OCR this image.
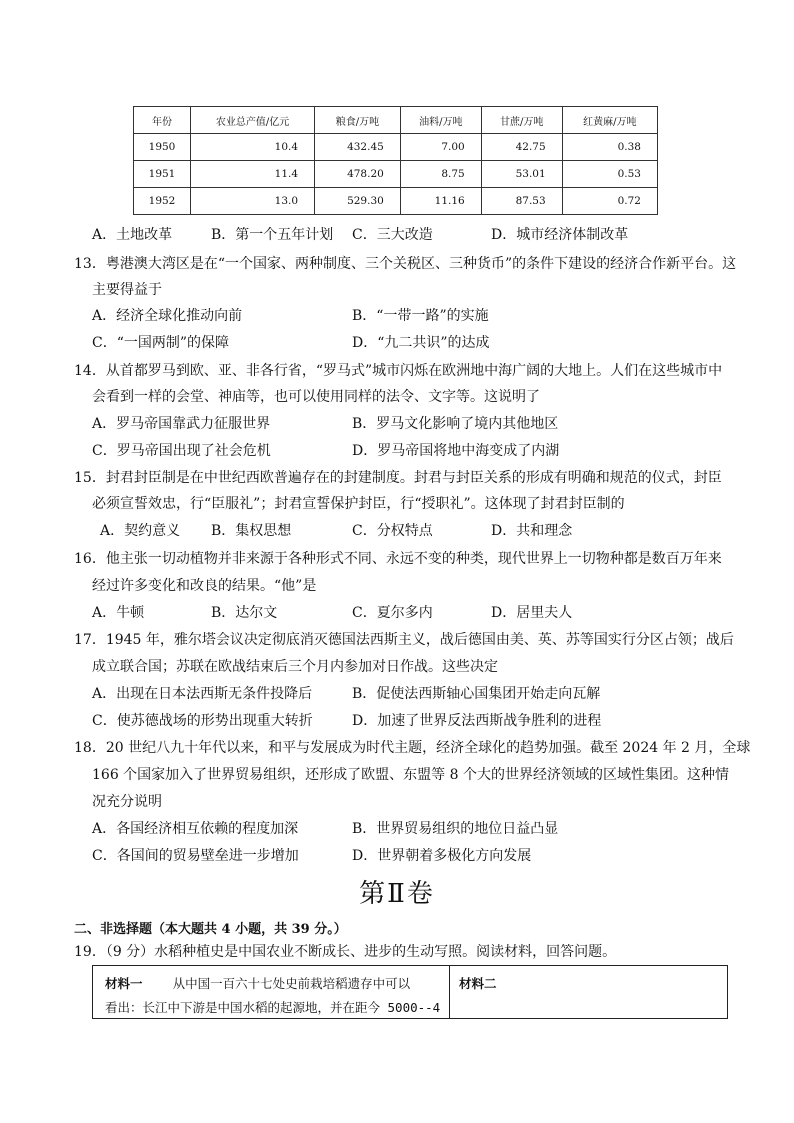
年份	农业总产值/亿元	粮食/万吨	油料/万吨	甘蔗/万吨	红黄麻/万吨
1950	10.4	432.45	7.00	42.75	0.38
1951	11.4	478.20	8.75	53.01	0.53
1952	13.0	529.30	11.16	87.53	0.72
A．土地改革	B．第一个五年计划 C．三大改造	D．城市经济体制改革
13．粤港澳大湾区是在“一个国家、两种制度、三个关税区、三种货币”的条件下建设的经济合作新平台。这
主要得益于
A．经济全球化推动向前	B．“一带一路”的实施
C．“一国两制”的保障	D．“九二共识”的达成
14．从首都罗马到欧、亚、非各行省，“罗马式”城市闪烁在欧洲地中海广阔的大地上。人们在这些城市中
会看到一样的会堂、神庙等，也可以使用同样的法令、文字等。这说明了
A．罗马帝国靠武力征服世界	B．罗马文化影响了境内其他地区
C．罗马帝国出现了社会危机	D．罗马帝国将地中海变成了内湖
15．封君封臣制是在中世纪西欧普遍存在的封建制度。封君与封臣关系的形成有明确和规范的仪式，封臣
必须宣誓效忠，行“臣服礼”；封君宣誓保护封臣，行“授职礼”。这体现了封君封臣制的
A．契约意义 B．集权思想	C．分权特点	D．共和理念
16．他主张一切动植物并非来源于各种形式不同、永远不变的种类，现代世界上一切物种都是数百万年来
经过许多变化和改良的结果。“他”是
A．牛顿	B．达尔文	C．夏尔多内	D．居里夫人
17．1945 年，雅尔塔会议决定彻底消灭德国法西斯主义，战后德国由美、英、苏等国实行分区占领；战后
成立联合国；苏联在欧战结束后三个月内参加对日作战。这些决定
A．出现在日本法西斯无条件投降后	B．促使法西斯轴心国集团开始走向瓦解
C．使苏德战场的形势出现重大转折	D．加速了世界反法西斯战争胜利的进程
18．20 世纪八九十年代以来，和平与发展成为时代主题，经济全球化的趋势加强。截至 2024 年 2 月，全球
166 个国家加入了世界贸易组织，还形成了欧盟、东盟等 8 个大的世界经济领域的区域性集团。这种情
况充分说明
A．各国经济相互依赖的程度加深	B．世界贸易组织的地位日益凸显
C．各国间的贸易壁垒进一步增加	D．世界朝着多极化方向发展
第Ⅱ卷
二、非选择题（本大题共 4 小题，共 39 分。）
19．（9 分）水稻种植史是中国农业不断成长、进步的生动写照。阅读材料，回答问题。
材料一 从中国一百六十七处史前栽培稻遗存中可以
看出：长江中下游是中国水稻的起源地，并在距今 5000--4
材料二
